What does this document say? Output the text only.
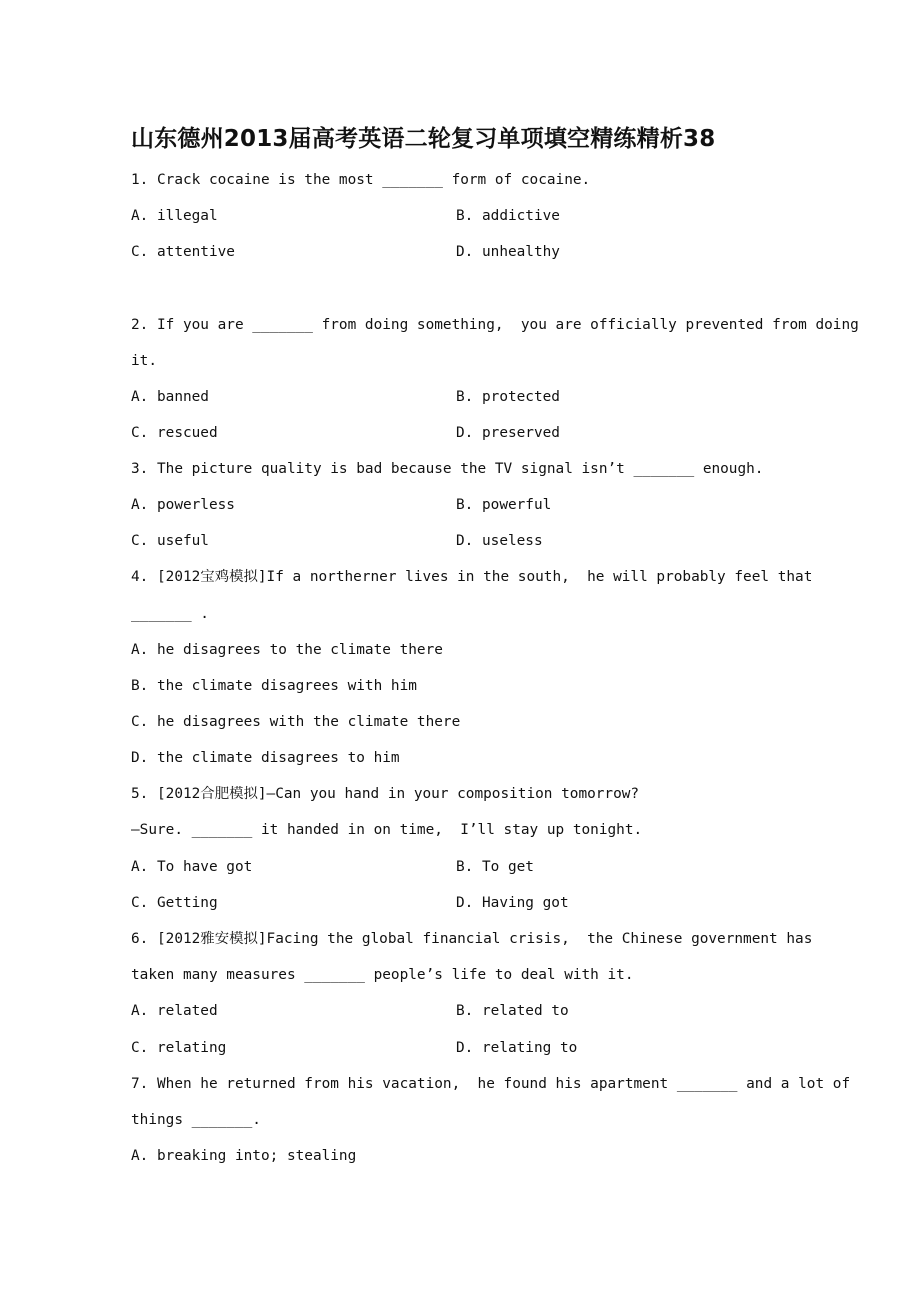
山东德州2013届高考英语二轮复习单项填空精练精析38
1. Crack cocaine is the most _______ form of cocaine.
A. illegal	B. addictive
C. attentive	D. unhealthy
2. If you are _______ from doing something,  you are officially prevented from doing
it.
A. banned	B. protected
C. rescued	D. preserved
3. The picture quality is bad because the TV signal isn’t _______ enough.
A. powerless	B. powerful
C. useful	D. useless
4. [2012宝鸡模拟]If a northerner lives in the south,  he will probably feel that
_______ .
A. he disagrees to the climate there
B. the climate disagrees with him
C. he disagrees with the climate there
D. the climate disagrees to him
5. [2012合肥模拟]—Can you hand in your composition tomorrow?
—Sure. _______ it handed in on time,  I’ll stay up tonight.
A. To have got	B. To get
C. Getting	D. Having got
6. [2012雅安模拟]Facing the global financial crisis,  the Chinese government has
taken many measures _______ people’s life to deal with it.
A. related	B. related to
C. relating	D. relating to
7. When he returned from his vacation,  he found his apartment _______ and a lot of
things _______.
A. breaking into; stealing
